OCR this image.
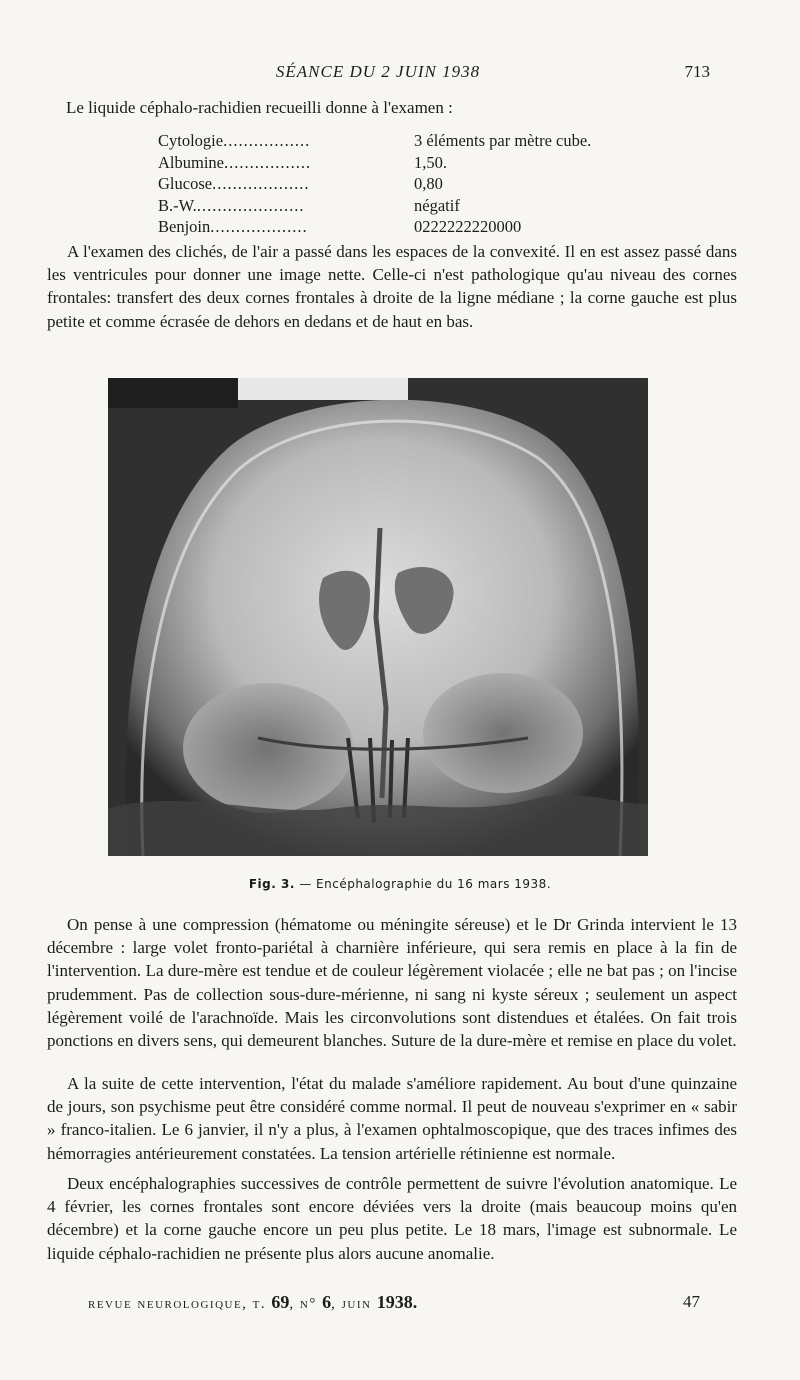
SÉANCE DU 2 JUIN 1938	713
Le liquide céphalo-rachidien recueilli donne à l'examen :
Cytologie.................	3 éléments par mètre cube.
Albumine.................	1,50.
Glucose...................	0,80
B.-W......................	négatif
Benjoin...................	0222222220000

A l'examen des clichés, de l'air a passé dans les espaces de la convexité. Il en est assez passé dans les ventricules pour donner une image nette. Celle-ci n'est pathologique qu'au niveau des cornes frontales: transfert des deux cornes frontales à droite de la ligne médiane ; la corne gauche est plus petite et comme écrasée de dehors en dedans et de haut en bas.

Fig. 3. — Encéphalographie du 16 mars 1938.

On pense à une compression (hématome ou méningite séreuse) et le Dr Grinda intervient le 13 décembre : large volet fronto-pariétal à charnière inférieure, qui sera remis en place à la fin de l'intervention. La dure-mère est tendue et de couleur légèrement violacée ; elle ne bat pas ; on l'incise prudemment. Pas de collection sous-dure-mérienne, ni sang ni kyste séreux ; seulement un aspect légèrement voilé de l'arachnoïde. Mais les circonvolutions sont distendues et étalées. On fait trois ponctions en divers sens, qui demeurent blanches. Suture de la dure-mère et remise en place du volet.

A la suite de cette intervention, l'état du malade s'améliore rapidement. Au bout d'une quinzaine de jours, son psychisme peut être considéré comme normal. Il peut de nouveau s'exprimer en « sabir » franco-italien. Le 6 janvier, il n'y a plus, à l'examen ophtalmoscopique, que des traces infimes des hémorragies antérieurement constatées. La tension artérielle rétinienne est normale.

Deux encéphalographies successives de contrôle permettent de suivre l'évolution anatomique. Le 4 février, les cornes frontales sont encore déviées vers la droite (mais beaucoup moins qu'en décembre) et la corne gauche encore un peu plus petite. Le 18 mars, l'image est subnormale. Le liquide céphalo-rachidien ne présente plus alors aucune anomalie.

revue neurologique, t. 69, n° 6, juin 1938.	47
